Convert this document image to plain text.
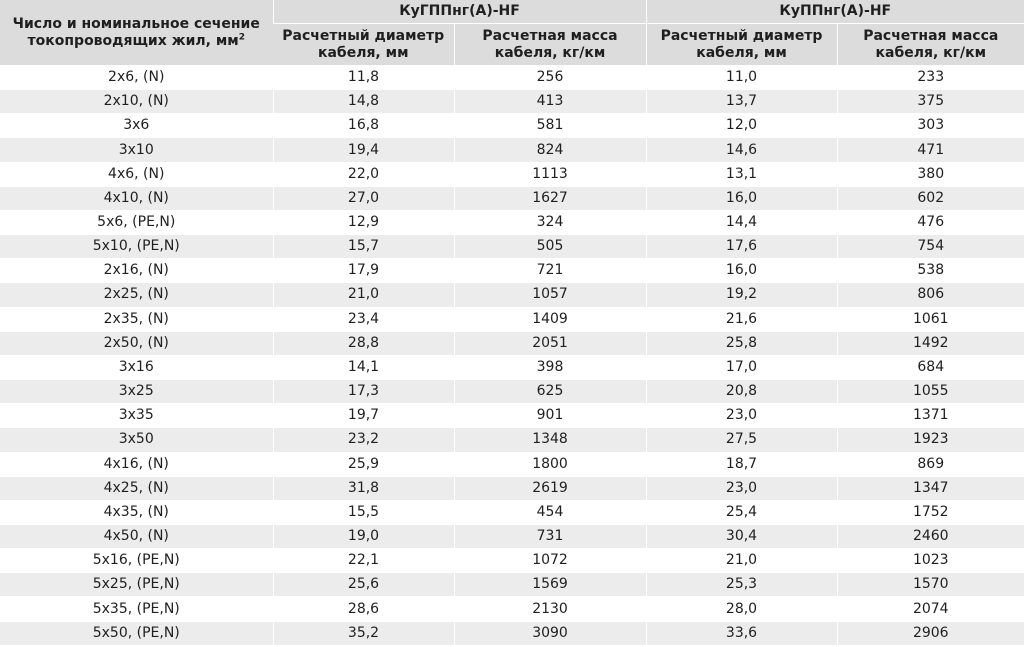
Число и номинальное сечение токопроводящих жил, $мм^2$	КуГППнг(А)-HF		КуППнг(А)-HF	
	Расчетный диаметр кабеля, мм	Расчетная масса кабеля, кг/км	Расчетный диаметр кабеля, мм	Расчетная масса кабеля, кг/км
2x6, (N)	11,8	256	11,0	233
2x10, (N)	14,8	413	13,7	375
3x6	16,8	581	12,0	303
3x10	19,4	824	14,6	471
4x6, (N)	22,0	1113	13,1	380
4x10, (N)	27,0	1627	16,0	602
5x6, (PE,N)	12,9	324	14,4	476
5x10, (PE,N)	15,7	505	17,6	754
2x16, (N)	17,9	721	16,0	538
2x25, (N)	21,0	1057	19,2	806
2x35, (N)	23,4	1409	21,6	1061
2x50, (N)	28,8	2051	25,8	1492
3x16	14,1	398	17,0	684
3x25	17,3	625	20,8	1055
3x35	19,7	901	23,0	1371
3x50	23,2	1348	27,5	1923
4x16, (N)	25,9	1800	18,7	869
4x25, (N)	31,8	2619	23,0	1347
4x35, (N)	15,5	454	25,4	1752
4x50, (N)	19,0	731	30,4	2460
5x16, (PE,N)	22,1	1072	21,0	1023
5x25, (PE,N)	25,6	1569	25,3	1570
5x35, (PE,N)	28,6	2130	28,0	2074
5x50, (PE,N)	35,2	3090	33,6	2906
